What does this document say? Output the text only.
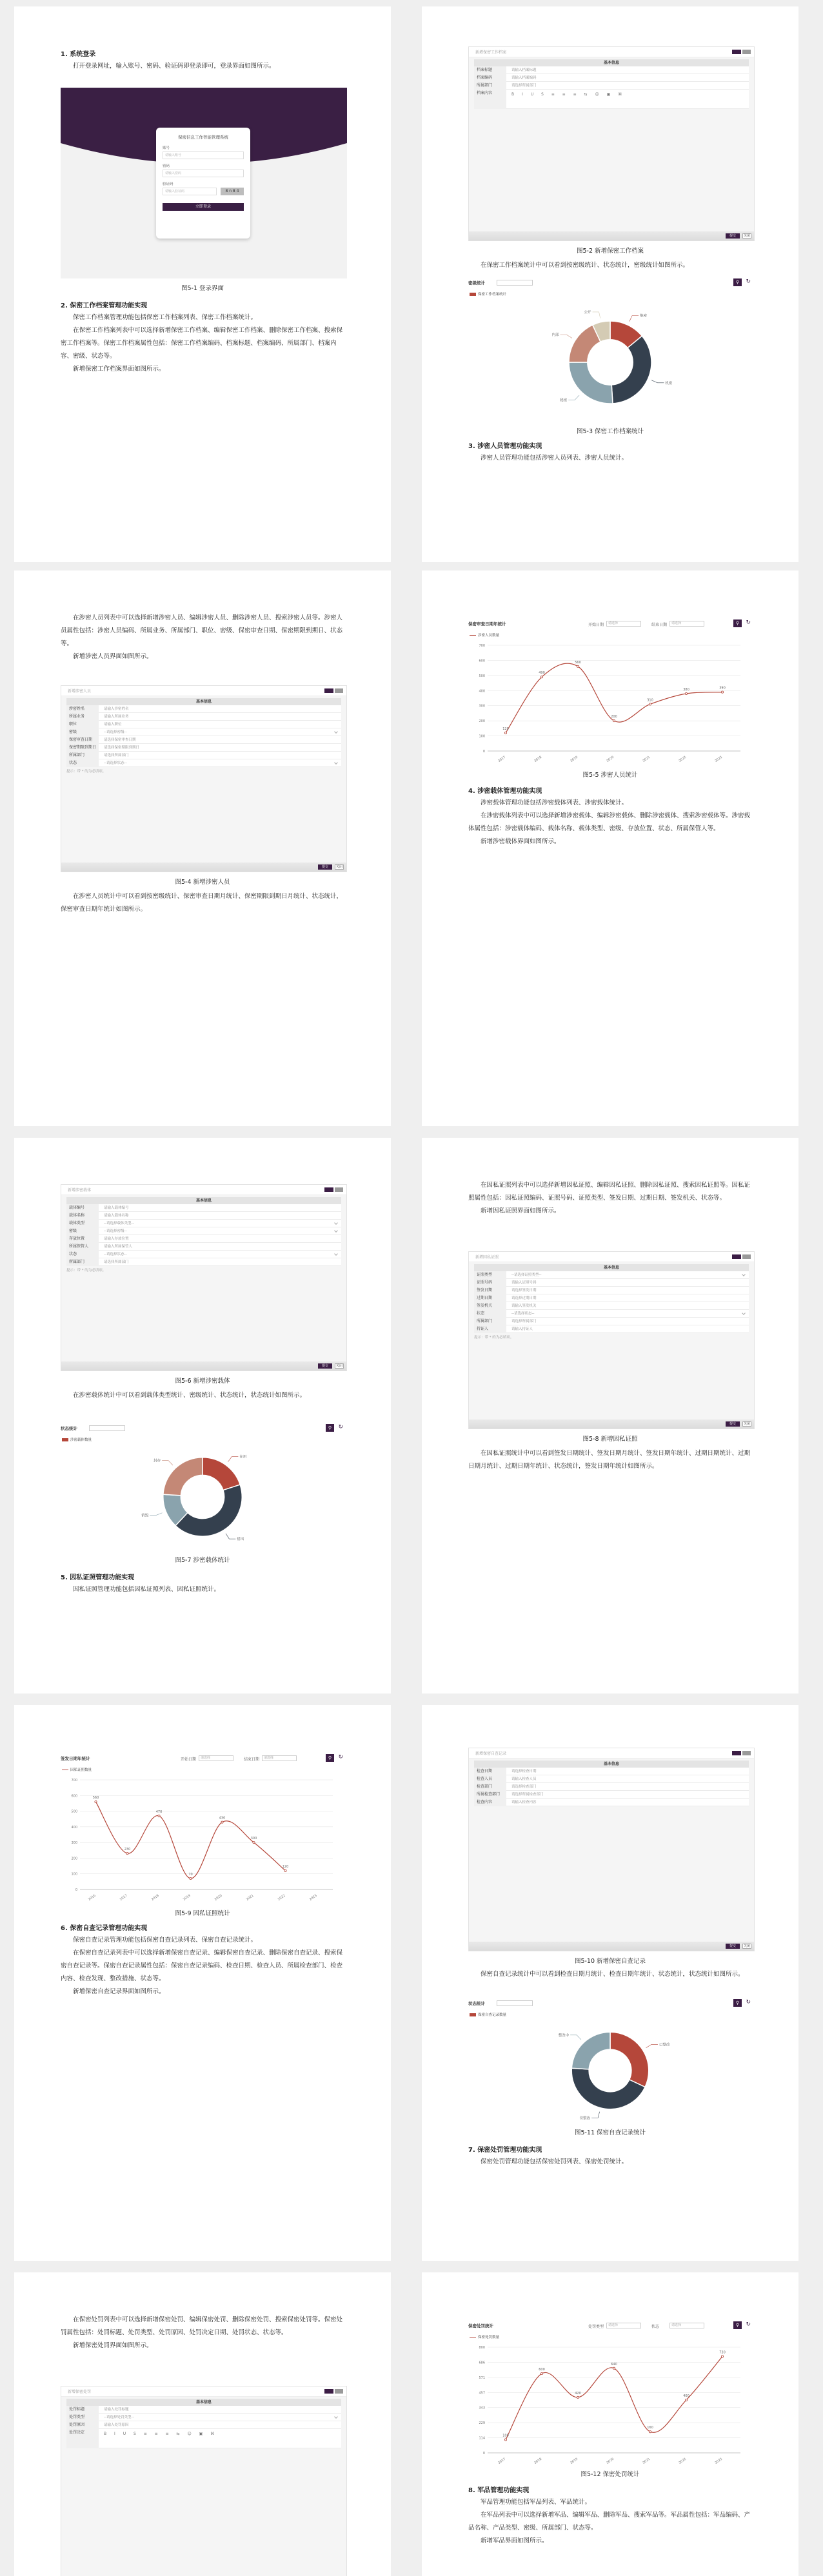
1. 系统登录
打开登录网址，输入账号、密码、验证码即登录即可，登录界面如图所示。
保密信息工作智能管理系统
账号
请输入账号
密码
请输入密码
验证码
请输入验证码	8 n 8 4
立即登录
图5-1 登录界面
2. 保密工作档案管理功能实现
保密工作档案管理功能包括保密工作档案列表、保密工作档案统计。
在保密工作档案列表中可以选择新增保密工作档案、编辑保密工作档案、删除保密工作档案、搜索保密工作档案等。保密工作档案属性包括：保密工作档案编码、档案标题、档案编码、所属部门、档案内容、密级、状态等。
新增保密工作档案界面如图所示。
新增保密工作档案
基本信息
档案标题	请输入档案标题
档案编码	请输入档案编码
所属部门	请选择所属部门
档案内容	B I U S ≡ ≡ ≡ ⇆ ☺ ▣ ⌘
提交	关闭
图5-2 新增保密工作档案
在保密工作档案统计中可以看到按密级统计、状态统计，密级统计如图所示。
密级统计	⚲	↻
保密工作档案统计
绝密
机密
秘密
内部
公开
图5-3 保密工作档案统计
3. 涉密人员管理功能实现
涉密人员管理功能包括涉密人员列表、涉密人员统计。
在涉密人员列表中可以选择新增涉密人员、编辑涉密人员、删除涉密人员、搜索涉密人员等。涉密人员属性包括：涉密人员编码、所属业务、所属部门、职位、密级、保密审查日期、保密期限到期日、状态等。
新增涉密人员界面如图所示。
新增涉密人员
基本信息
涉密姓名	请输入涉密姓名
所属业务	请输入所属业务
职位	请输入职位
密级	--请选择密级--
保密审查日期	请选择保密审查日期
保密期限到期日	请选择保密期限到期日
所属部门	请选择所属部门
状态	--请选择状态--
提示：带 * 的为必填项。
提交	关闭
图5-4 新增涉密人员
在涉密人员统计中可以看到按密级统计、保密审查日期月统计、保密期限到期日月统计、状态统计，保密审查日期年统计如图所示。
保密审查日期年统计	开始日期	请选择	结束日期	请选择	⚲	↻
涉密人员数量
0
100
200
300
400
500
600
700
2017	2018	2019	2020	2021	2022	2023
120
490
560
200
310
380	390
图5-5 涉密人员统计
4. 涉密载体管理功能实现
涉密载体管理功能包括涉密载体列表、涉密载体统计。
在涉密载体列表中可以选择新增涉密载体、编辑涉密载体、删除涉密载体、搜索涉密载体等。涉密载体属性包括：涉密载体编码、载体名称、载体类型、密级、存放位置、状态、所属保管人等。
新增涉密载体界面如图所示。
新增涉密载体
基本信息
载体编号	请输入载体编号
载体名称	请输入载体名称
载体类型	--请选择载体类型--
密级	--请选择密级--
存放位置	请输入存放位置
所属保管人	请输入所属保管人
状态	--请选择状态--
所属部门	请选择所属部门
提示：带 * 的为必填项。
提交	关闭
图5-6 新增涉密载体
在涉密载体统计中可以看到载体类型统计、密级统计、状态统计，状态统计如图所示。
状态统计	⚲	↻
涉密载体数量
在用
借出
销毁
封存
图5-7 涉密载体统计
5. 因私证照管理功能实现
因私证照管理功能包括因私证照列表、因私证照统计。
在因私证照列表中可以选择新增因私证照、编辑因私证照、删除因私证照、搜索因私证照等。因私证照属性包括：因私证照编码、证照号码、证照类型、签发日期、过期日期、签发机关、状态等。
新增因私证照界面如图所示。
新增因私证照
基本信息
证照类型	--请选择证照类型--
证照号码	请输入证照号码
签发日期	请选择签发日期
过期日期	请选择过期日期
签发机关	请输入签发机关
状态	--请选择状态--
所属部门	请选择所属部门
持证人	请输入持证人
提示：带 * 的为必填项。
提交	关闭
图5-8 新增因私证照
在因私证照统计中可以看到签发日期统计、签发日期月统计、签发日期年统计、过期日期统计、过期日期月统计、过期日期年统计、状态统计，签发日期年统计如图所示。
签发日期年统计	开始日期	请选择	结束日期	请选择	⚲	↻
因私证照数量
0
100
200
300
400
500
600
700
2016	2017	2018	2019	2020	2021	2022	2023
560
230
470
70
430
300
120
图5-9 因私证照统计
6. 保密自查记录管理功能实现
保密自查记录管理功能包括保密自查记录列表、保密自查记录统计。
在保密自查记录列表中可以选择新增保密自查记录、编辑保密自查记录、删除保密自查记录、搜索保密自查记录等。保密自查记录属性包括：保密自查记录编码、检查日期、检查人员、所属检查部门、检查内容、检查发现、整改措施、状态等。
新增保密自查记录界面如图所示。
新增保密自查记录
基本信息
检查日期	请选择检查日期
检查人员	请输入检查人员
检查部门	请选择检查部门
所属检查部门	请选择所属检查部门
检查内容	请输入检查内容
提交	关闭
图5-10 新增保密自查记录
保密自查记录统计中可以看到检查日期月统计、检查日期年统计、状态统计，状态统计如图所示。
状态统计	⚲	↻
保密自查记录数量
已整改
待整改
整改中
图5-11 保密自查记录统计
7. 保密处罚管理功能实现
保密处罚管理功能包括保密处罚列表、保密处罚统计。
在保密处罚列表中可以选择新增保密处罚、编辑保密处罚、删除保密处罚、搜索保密处罚等。保密处罚属性包括：处罚标题、处罚类型、处罚原因、处罚决定日期、处罚状态、状态等。
新增保密处罚界面如图所示。
新增保密处罚
基本信息
处罚标题	请输入处罚标题
处罚类型	--请选择处罚类型--
处罚原因	请输入处罚原因
处罚决定	B I U S ≡ ≡ ≡ ⇆ ☺ ▣ ⌘
保密处罚统计	处罚类型	请选择	状态	请选择	⚲	↻
保密处罚数量
0
114
229
343
457
571
686
800
2017	2018	2019	2020	2021	2022	2023
100
600
420
640
160
400
730
图5-12 保密处罚统计
8. 军品管理功能实现
军品管理功能包括军品列表、军品统计。
在军品列表中可以选择新增军品、编辑军品、删除军品、搜索军品等。军品属性包括：军品编码、产品名称、产品类型、密级、所属部门、状态等。
新增军品界面如图所示。
